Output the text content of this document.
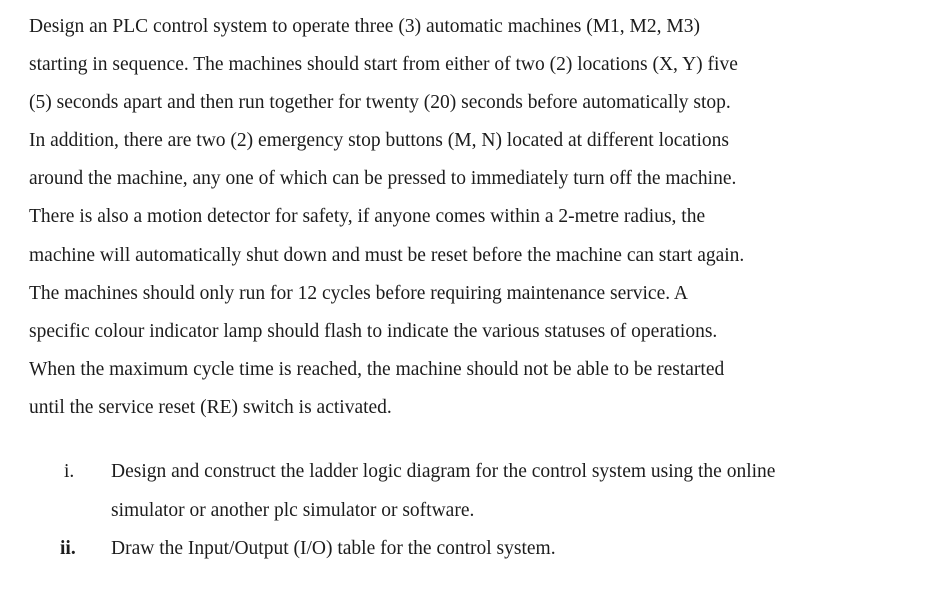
Design an PLC control system to operate three (3) automatic machines (M1, M2, M3)
starting in sequence. The machines should start from either of two (2) locations (X, Y) five
(5) seconds apart and then run together for twenty (20) seconds before automatically stop.
In addition, there are two (2) emergency stop buttons (M, N) located at different locations
around the machine, any one of which can be pressed to immediately turn off the machine.
There is also a motion detector for safety, if anyone comes within a 2-metre radius, the
machine will automatically shut down and must be reset before the machine can start again.
The machines should only run for 12 cycles before requiring maintenance service. A
specific colour indicator lamp should flash to indicate the various statuses of operations.
When the maximum cycle time is reached, the machine should not be able to be restarted
until the service reset (RE) switch is activated.
i. Design and construct the ladder logic diagram for the control system using the online
simulator or another plc simulator or software.
ii. Draw the Input/Output (I/O) table for the control system.
